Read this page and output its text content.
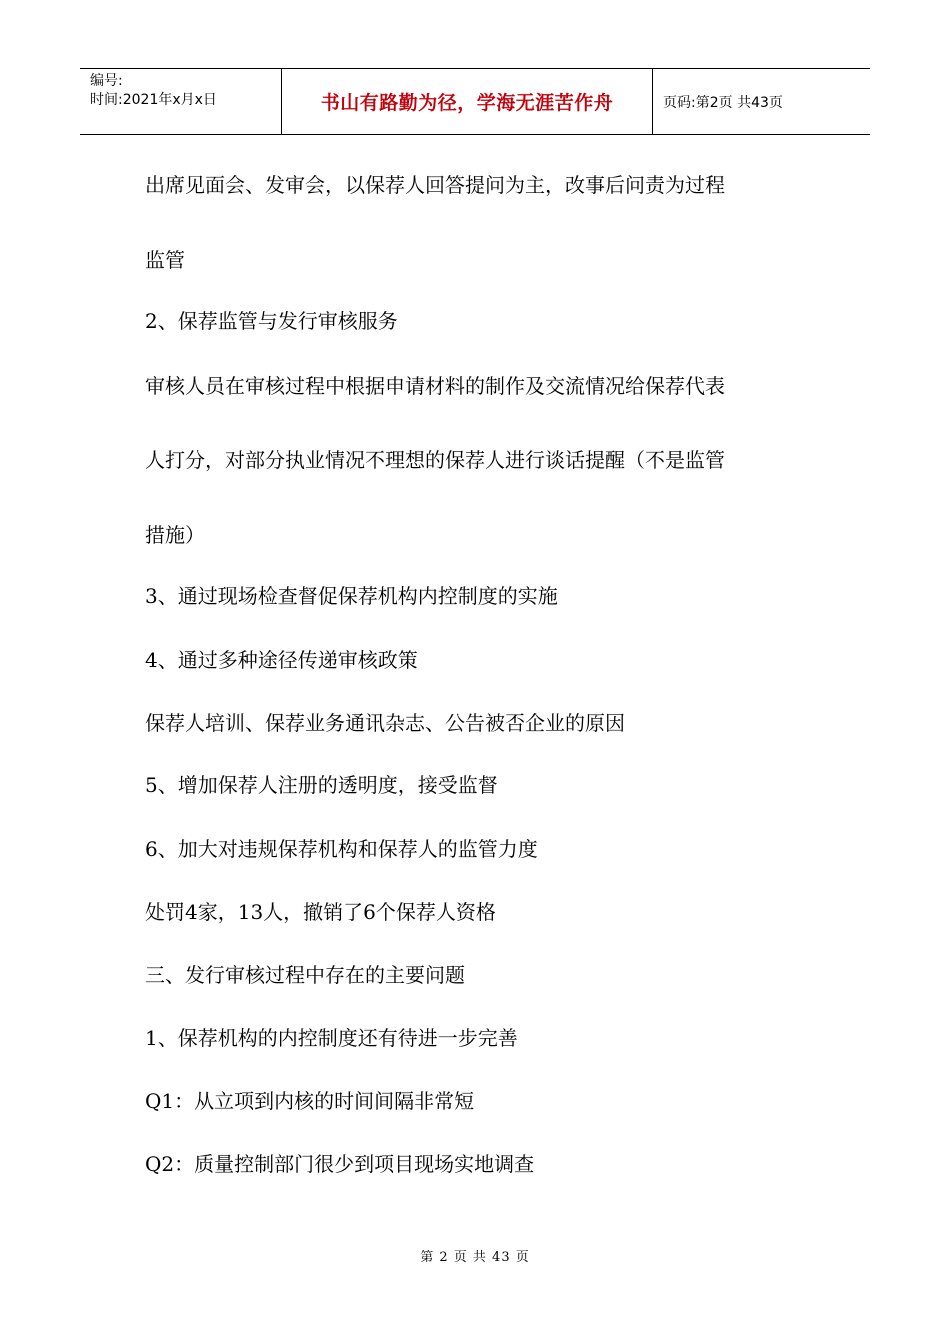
编号:
时间:2021年x月x日	书山有路勤为径，学海无涯苦作舟	页码:第2页 共43页
出席见面会、发审会，以保荐人回答提问为主，改事后问责为过程
监管
2、保荐监管与发行审核服务
审核人员在审核过程中根据申请材料的制作及交流情况给保荐代表
人打分，对部分执业情况不理想的保荐人进行谈话提醒（不是监管
措施）
3、通过现场检查督促保荐机构内控制度的实施
4、通过多种途径传递审核政策
保荐人培训、保荐业务通讯杂志、公告被否企业的原因
5、增加保荐人注册的透明度，接受监督
6、加大对违规保荐机构和保荐人的监管力度
处罚4家，13人，撤销了6个保荐人资格
三、发行审核过程中存在的主要问题
1、保荐机构的内控制度还有待进一步完善
Q1：从立项到内核的时间间隔非常短
Q2：质量控制部门很少到项目现场实地调查
第 2 页 共 43 页
